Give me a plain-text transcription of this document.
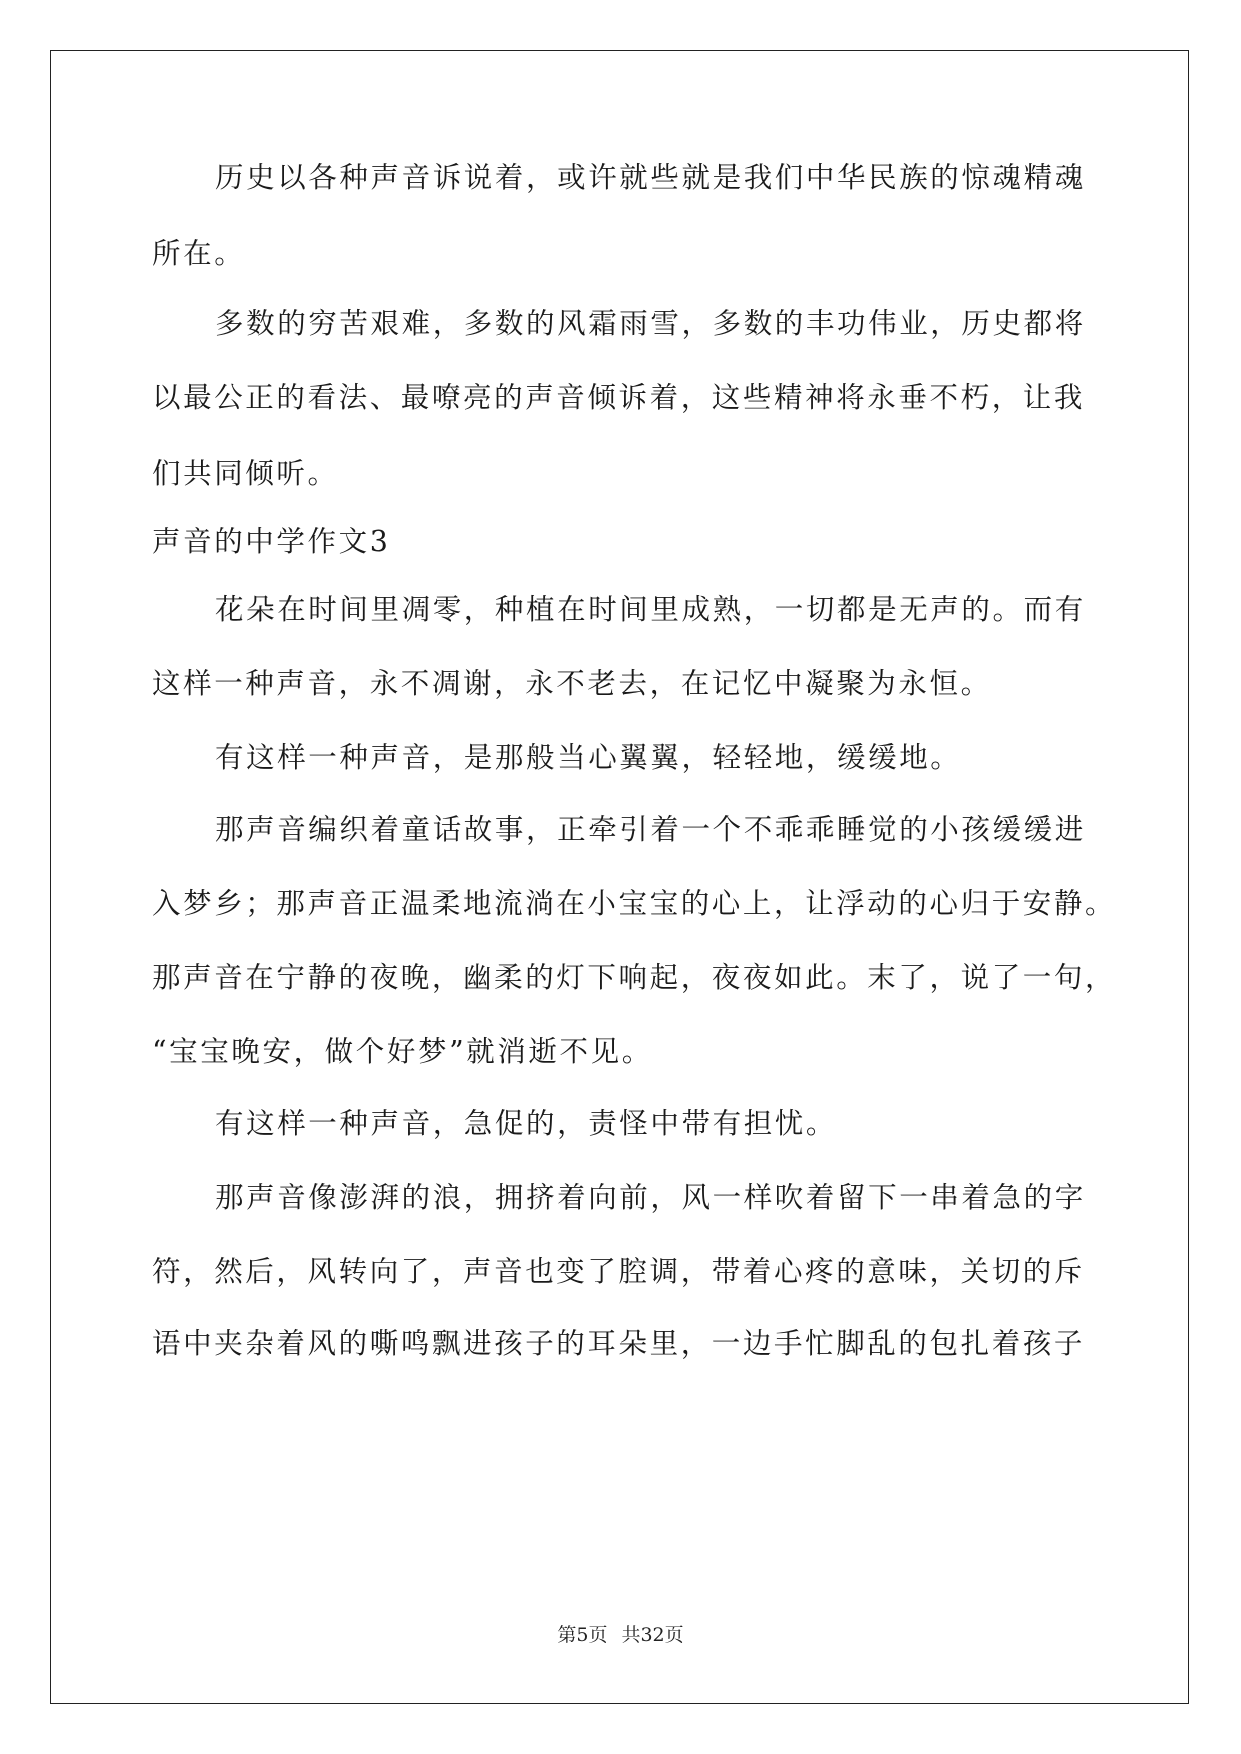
历史以各种声音诉说着，或许就些就是我们中华民族的惊魂精魂
所在。
多数的穷苦艰难，多数的风霜雨雪，多数的丰功伟业，历史都将
以最公正的看法、最嘹亮的声音倾诉着，这些精神将永垂不朽，让我
们共同倾听。
声音的中学作文3
花朵在时间里凋零，种植在时间里成熟，一切都是无声的。而有
这样一种声音，永不凋谢，永不老去，在记忆中凝聚为永恒。
有这样一种声音，是那般当心翼翼，轻轻地，缓缓地。
那声音编织着童话故事，正牵引着一个不乖乖睡觉的小孩缓缓进
入梦乡；那声音正温柔地流淌在小宝宝的心上，让浮动的心归于安静。
那声音在宁静的夜晚，幽柔的灯下响起，夜夜如此。末了，说了一句，
“宝宝晚安，做个好梦”就消逝不见。
有这样一种声音，急促的，责怪中带有担忧。
那声音像澎湃的浪，拥挤着向前，风一样吹着留下一串着急的字
符，然后，风转向了，声音也变了腔调，带着心疼的意味，关切的斥
语中夹杂着风的嘶鸣飘进孩子的耳朵里，一边手忙脚乱的包扎着孩子
第5页 共32页
